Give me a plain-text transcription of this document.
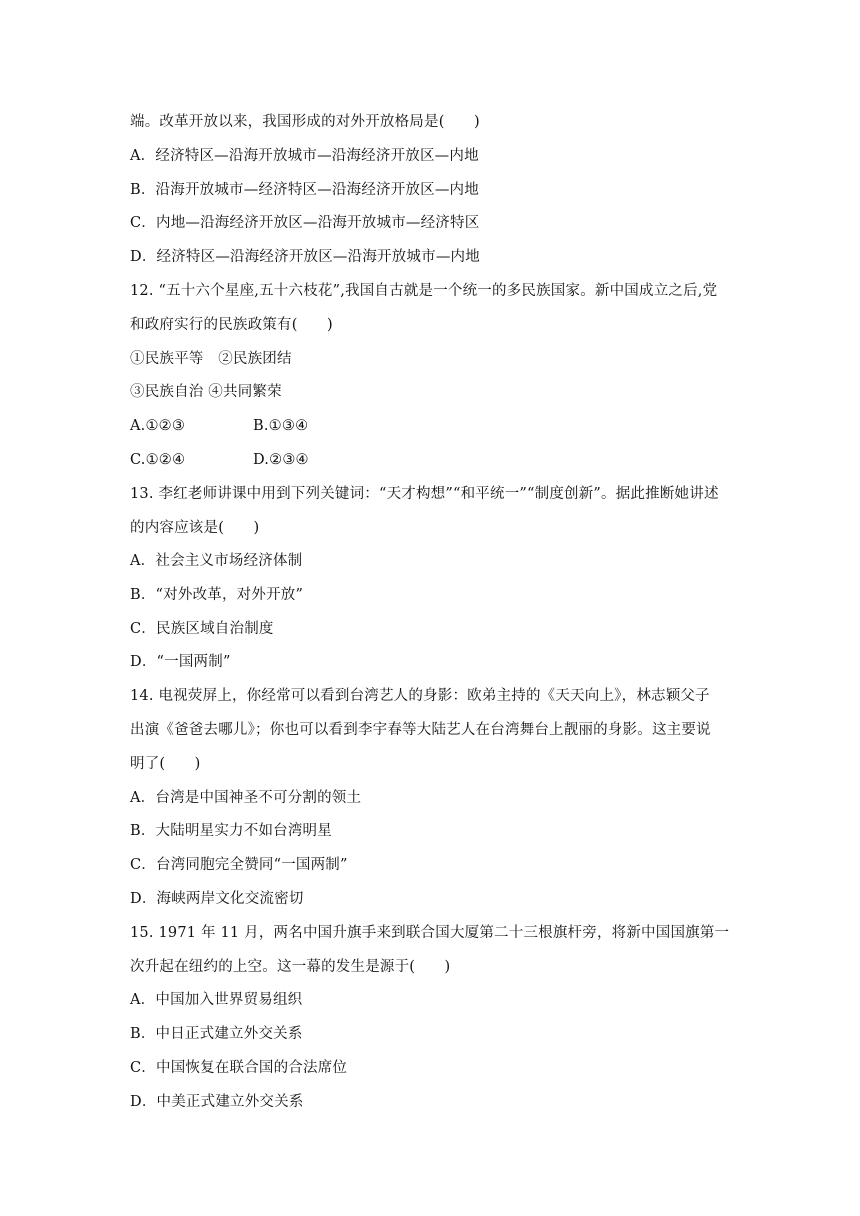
端。改革开放以来，我国形成的对外开放格局是(　　)
A．经济特区—沿海开放城市—沿海经济开放区—内地
B．沿海开放城市—经济特区—沿海经济开放区—内地
C．内地—沿海经济开放区—沿海开放城市—经济特区
D．经济特区—沿海经济开放区—沿海开放城市—内地
12. “五十六个星座,五十六枝花”,我国自古就是一个统一的多民族国家。新中国成立之后,党
和政府实行的民族政策有(　　)
①民族平等　②民族团结
③民族自治 ④共同繁荣
A.①②③	B.①③④
C.①②④	D.②③④
13. 李红老师讲课中用到下列关键词：“天才构想”“和平统一”“制度创新”。据此推断她讲述
的内容应该是(　　)
A．社会主义市场经济体制
B．“对外改革，对外开放”
C．民族区域自治制度
D．“一国两制”
14. 电视荧屏上，你经常可以看到台湾艺人的身影：欧弟主持的《天天向上》，林志颖父子
出演《爸爸去哪儿》；你也可以看到李宇春等大陆艺人在台湾舞台上靓丽的身影。这主要说
明了(　　)
A．台湾是中国神圣不可分割的领土
B．大陆明星实力不如台湾明星
C．台湾同胞完全赞同“一国两制”
D．海峡两岸文化交流密切
15. 1971 年 11 月，两名中国升旗手来到联合国大厦第二十三根旗杆旁，将新中国国旗第一
次升起在纽约的上空。这一幕的发生是源于(　　)
A．中国加入世界贸易组织
B．中日正式建立外交关系
C．中国恢复在联合国的合法席位
D．中美正式建立外交关系
